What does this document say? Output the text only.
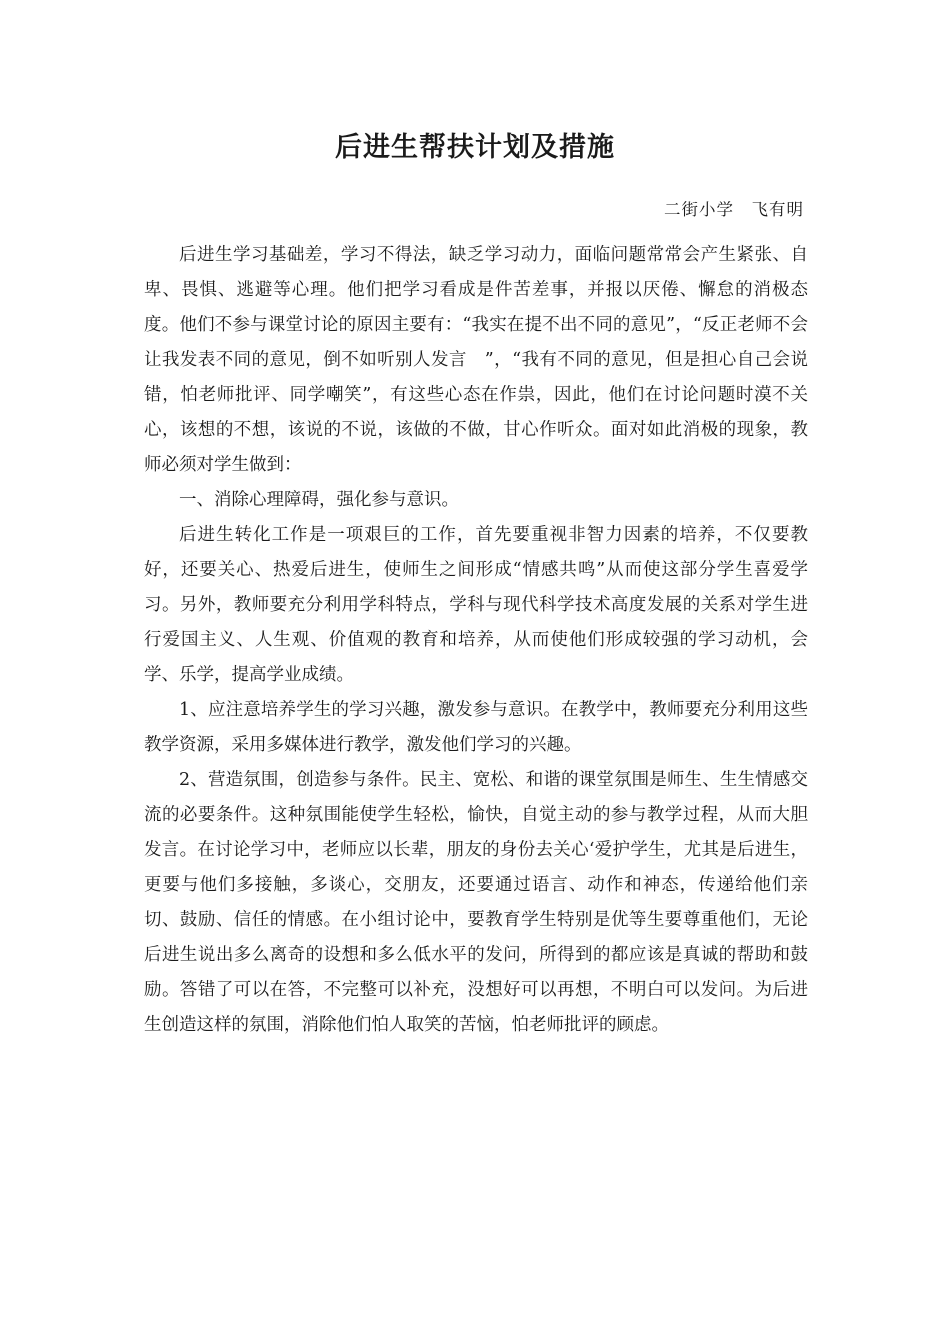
后进生帮扶计划及措施
二街小学　飞有明

后进生学习基础差，学习不得法，缺乏学习动力，面临问题常常会产生紧张、自卑、畏惧、逃避等心理。他们把学习看成是件苦差事，并报以厌倦、懈怠的消极态度。他们不参与课堂讨论的原因主要有：“我实在提不出不同的意见”，“反正老师不会让我发表不同的意见，倒不如听别人发言　”，“我有不同的意见，但是担心自己会说错，怕老师批评、同学嘲笑”，有这些心态在作祟，因此，他们在讨论问题时漠不关心，该想的不想，该说的不说，该做的不做，甘心作听众。面对如此消极的现象，教师必须对学生做到：

一、消除心理障碍，强化参与意识。

后进生转化工作是一项艰巨的工作，首先要重视非智力因素的培养，不仅要教好，还要关心、热爱后进生，使师生之间形成“情感共鸣”从而使这部分学生喜爱学习。另外，教师要充分利用学科特点，学科与现代科学技术高度发展的关系对学生进行爱国主义、人生观、价值观的教育和培养，从而使他们形成较强的学习动机，会学、乐学，提高学业成绩。

1、应注意培养学生的学习兴趣，激发参与意识。在教学中，教师要充分利用这些教学资源，采用多媒体进行教学，激发他们学习的兴趣。

2、营造氛围，创造参与条件。民主、宽松、和谐的课堂氛围是师生、生生情感交流的必要条件。这种氛围能使学生轻松，愉快，自觉主动的参与教学过程，从而大胆发言。在讨论学习中，老师应以长辈，朋友的身份去关心‘爱护学生，尤其是后进生，更要与他们多接触，多谈心，交朋友，还要通过语言、动作和神态，传递给他们亲切、鼓励、信任的情感。在小组讨论中，要教育学生特别是优等生要尊重他们，无论后进生说出多么离奇的设想和多么低水平的发问，所得到的都应该是真诚的帮助和鼓励。答错了可以在答，不完整可以补充，没想好可以再想，不明白可以发问。为后进生创造这样的氛围，消除他们怕人取笑的苦恼，怕老师批评的顾虑。
